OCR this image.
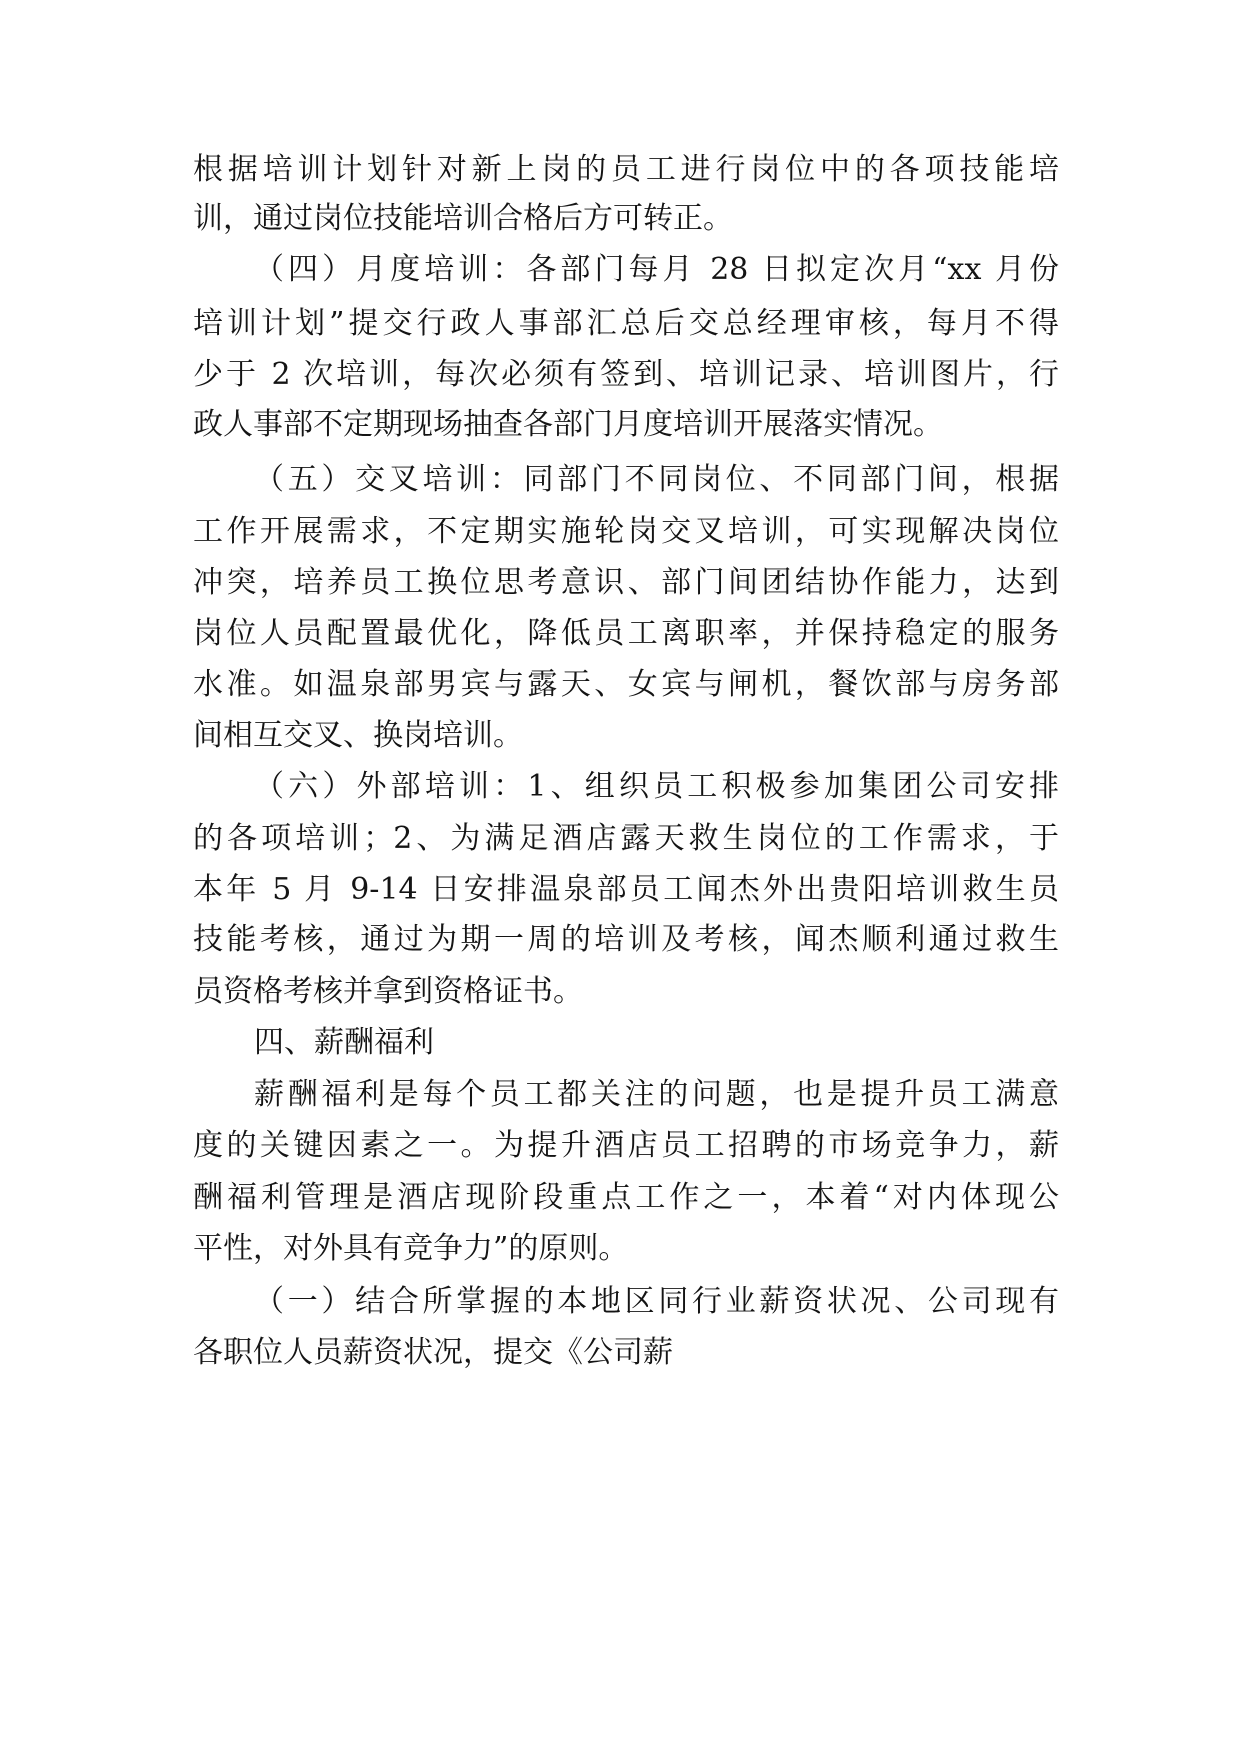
根据培训计划针对新上岗的员工进行岗位中的各项技能培
训，通过岗位技能培训合格后方可转正。
（四）月度培训：各部门每月 28 日拟定次月“xx 月份
培训计划”提交行政人事部汇总后交总经理审核，每月不得
少于 2 次培训，每次必须有签到、培训记录、培训图片，行
政人事部不定期现场抽查各部门月度培训开展落实情况。
（五）交叉培训：同部门不同岗位、不同部门间，根据
工作开展需求，不定期实施轮岗交叉培训，可实现解决岗位
冲突，培养员工换位思考意识、部门间团结协作能力，达到
岗位人员配置最优化，降低员工离职率，并保持稳定的服务
水准。如温泉部男宾与露天、女宾与闸机，餐饮部与房务部
间相互交叉、换岗培训。
（六）外部培训：1、组织员工积极参加集团公司安排
的各项培训；2、为满足酒店露天救生岗位的工作需求，于
本年 5 月 9-14 日安排温泉部员工闻杰外出贵阳培训救生员
技能考核，通过为期一周的培训及考核，闻杰顺利通过救生
员资格考核并拿到资格证书。
四、薪酬福利
薪酬福利是每个员工都关注的问题，也是提升员工满意
度的关键因素之一。为提升酒店员工招聘的市场竞争力，薪
酬福利管理是酒店现阶段重点工作之一，本着“对内体现公
平性，对外具有竞争力”的原则。
（一）结合所掌握的本地区同行业薪资状况、公司现有
各职位人员薪资状况，提交《公司薪
